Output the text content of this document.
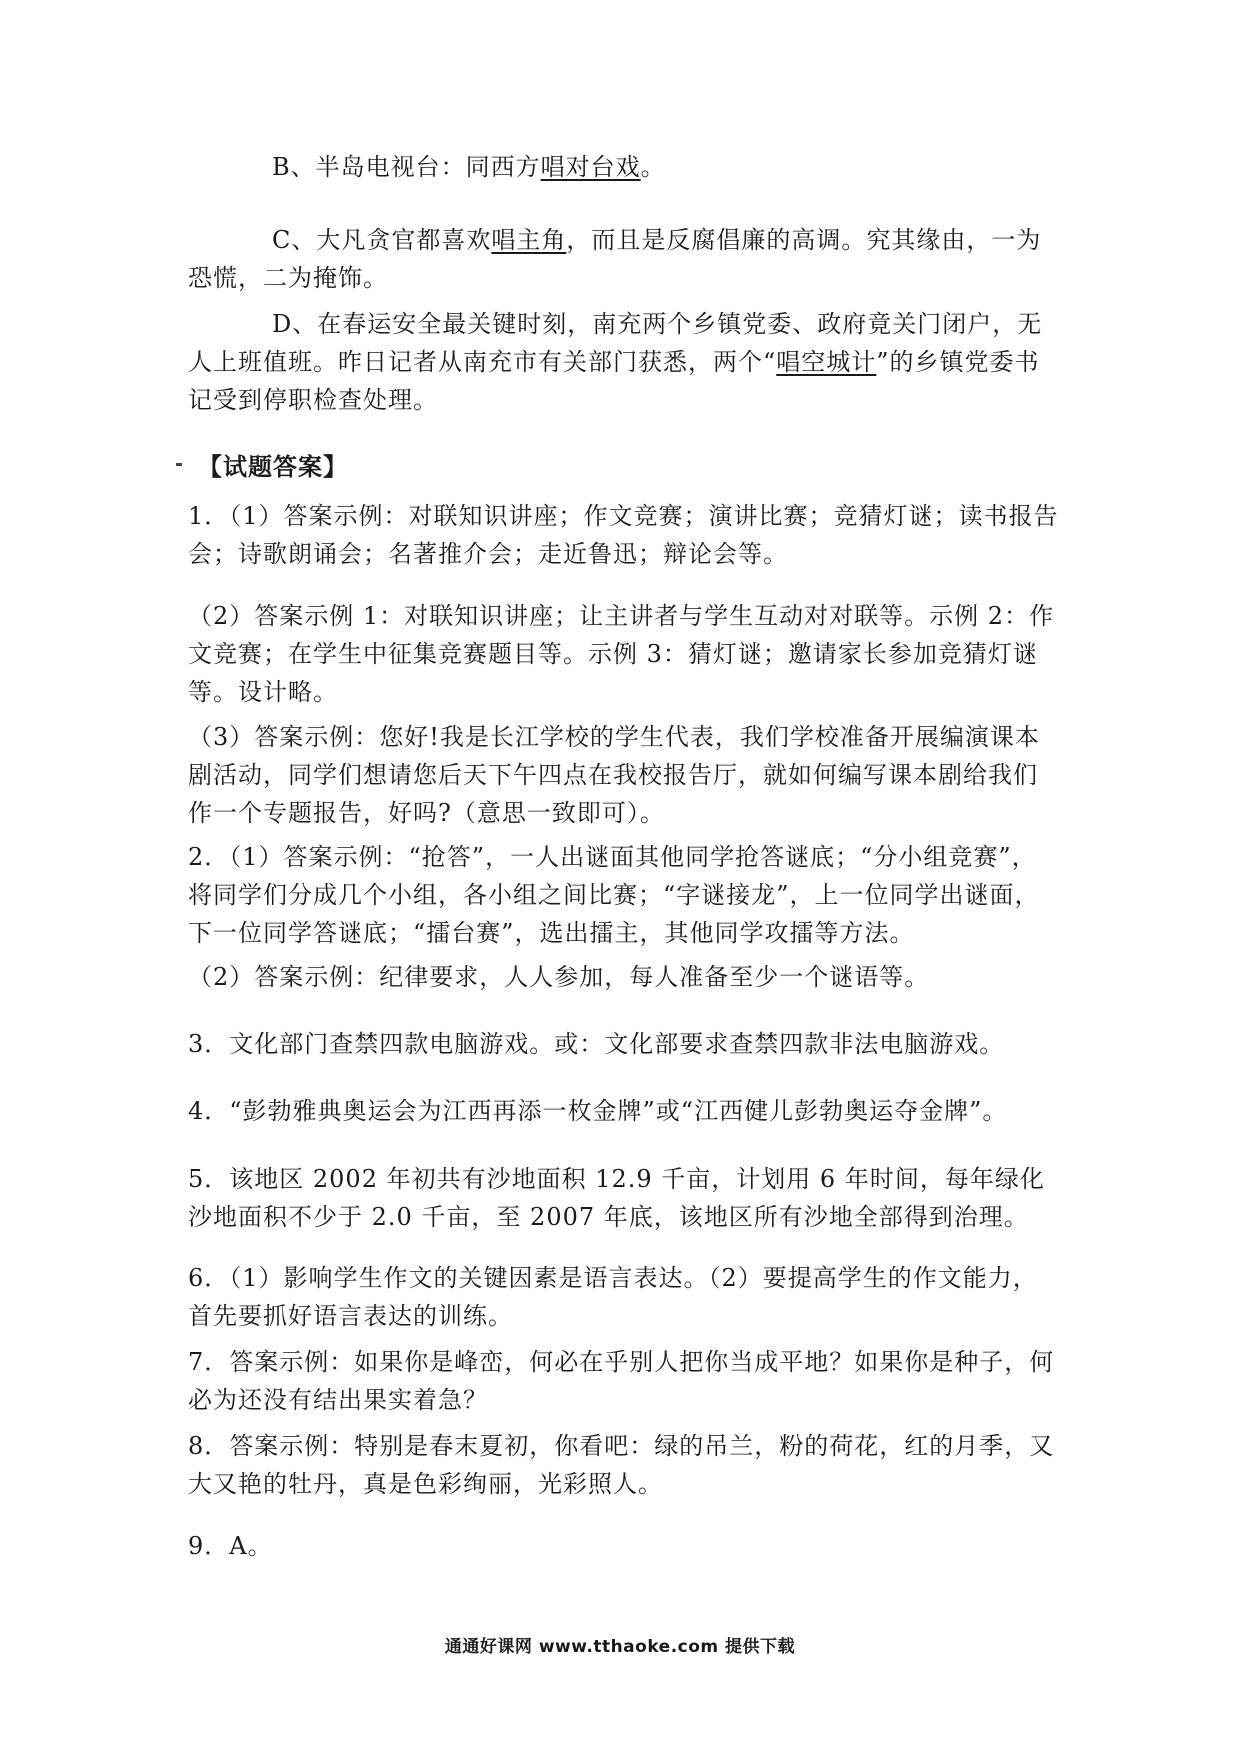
B、半岛电视台：同西方唱对台戏。

C、大凡贪官都喜欢唱主角，而且是反腐倡廉的高调。究其缘由，一为恐慌，二为掩饰。

D、在春运安全最关键时刻，南充两个乡镇党委、政府竟关门闭户，无人上班值班。昨日记者从南充市有关部门获悉，两个“唱空城计”的乡镇党委书记受到停职检查处理。

【试题答案】

1．（1）答案示例：对联知识讲座；作文竞赛；演讲比赛；竞猜灯谜；读书报告会；诗歌朗诵会；名著推介会；走近鲁迅；辩论会等。

（2）答案示例 1：对联知识讲座；让主讲者与学生互动对对联等。示例 2：作文竞赛；在学生中征集竞赛题目等。示例 3：猜灯谜；邀请家长参加竞猜灯谜等。设计略。

（3）答案示例：您好!我是长江学校的学生代表，我们学校准备开展编演课本剧活动，同学们想请您后天下午四点在我校报告厅，就如何编写课本剧给我们作一个专题报告，好吗?（意思一致即可）。

2．（1）答案示例：“抢答”，一人出谜面其他同学抢答谜底；“分小组竞赛”，将同学们分成几个小组，各小组之间比赛；“字谜接龙”，上一位同学出谜面，下一位同学答谜底；“擂台赛”，选出擂主，其他同学攻擂等方法。

（2）答案示例：纪律要求，人人参加，每人准备至少一个谜语等。

3．文化部门查禁四款电脑游戏。或：文化部要求查禁四款非法电脑游戏。

4．“彭勃雅典奥运会为江西再添一枚金牌”或“江西健儿彭勃奥运夺金牌”。

5．该地区 2002 年初共有沙地面积 12.9 千亩，计划用 6 年时间，每年绿化沙地面积不少于 2.0 千亩，至 2007 年底，该地区所有沙地全部得到治理。

6．（1）影响学生作文的关键因素是语言表达。（2）要提高学生的作文能力，首先要抓好语言表达的训练。

7．答案示例：如果你是峰峦，何必在乎别人把你当成平地？如果你是种子，何必为还没有结出果实着急？

8．答案示例：特别是春末夏初，你看吧：绿的吊兰，粉的荷花，红的月季，又大又艳的牡丹，真是色彩绚丽，光彩照人。

9．A。

通通好课网 www.tthaoke.com 提供下载
